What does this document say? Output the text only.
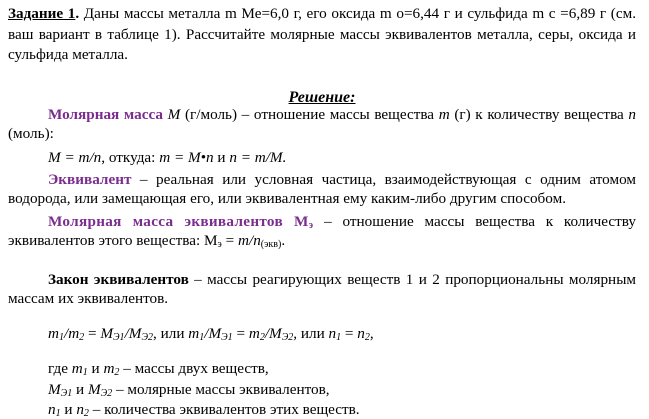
Задание 1. Даны массы металла m Ме=6,0 г, его оксида m о=6,44 г и сульфида m с =6,89 г (см. ваш вариант в таблице 1). Рассчитайте молярные массы эквивалентов металла, серы, оксида и сульфида металла.

Решение:

Молярная масса М (г/моль) – отношение массы вещества m (г) к количеству вещества n (моль):

M = m/n, откуда: m = M•n и n = m/M.

Эквивалент – реальная или условная частица, взаимодействующая с одним атомом водорода, или замещающая его, или эквивалентная ему каким-либо другим способом.

Молярная масса эквивалентов $М_э$ – отношение массы вещества к количеству эквивалентов этого вещества: $М_э = m/n_{(экв)}$.

Закон эквивалентов – массы реагирующих веществ 1 и 2 пропорциональны молярным массам их эквивалентов.

$m_1/m_2 = M_{Э1}/M_{Э2}$, или $m_1/M_{Э1} = m_2/M_{Э2}$, или $n_1 = n_2$,

где $m_1$ и $m_2$ – массы двух веществ,

$M_{Э1}$ и $M_{Э2}$ – молярные массы эквивалентов,

$n_1$ и $n_2$ – количества эквивалентов этих веществ.
